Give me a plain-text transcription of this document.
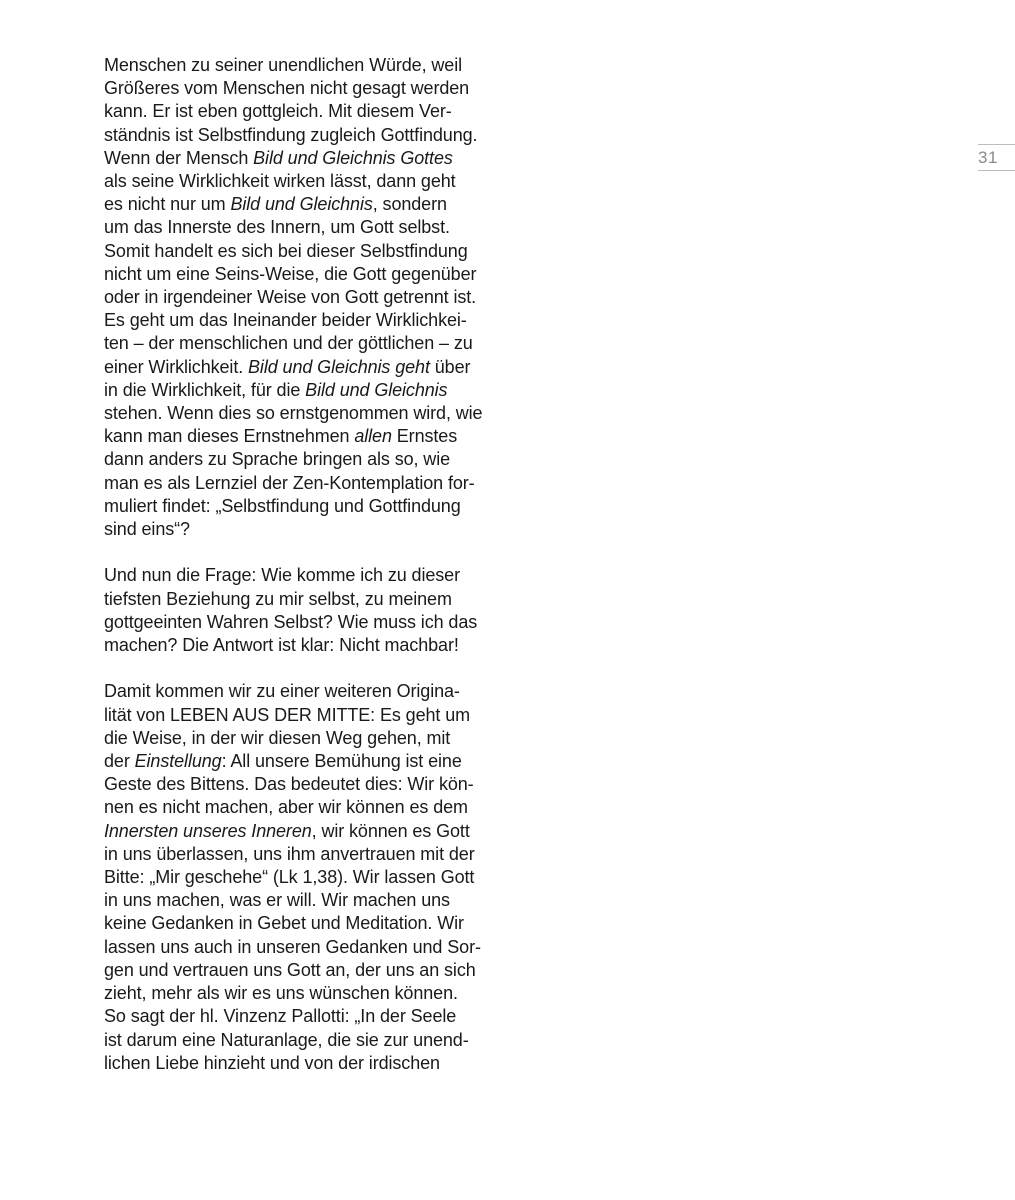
31

Menschen zu seiner unendlichen Würde, weil
Größeres vom Menschen nicht gesagt werden
kann. Er ist eben gottgleich. Mit diesem Ver-
ständnis ist Selbstfindung zugleich Gottfindung.
Wenn der Mensch Bild und Gleichnis Gottes
als seine Wirklichkeit wirken lässt, dann geht
es nicht nur um Bild und Gleichnis, sondern
um das Innerste des Innern, um Gott selbst.
Somit handelt es sich bei dieser Selbstfindung
nicht um eine Seins-Weise, die Gott gegenüber
oder in irgendeiner Weise von Gott getrennt ist.
Es geht um das Ineinander beider Wirklichkei-
ten – der menschlichen und der göttlichen – zu
einer Wirklichkeit. Bild und Gleichnis geht über
in die Wirklichkeit, für die Bild und Gleichnis
stehen. Wenn dies so ernstgenommen wird, wie
kann man dieses Ernstnehmen allen Ernstes
dann anders zu Sprache bringen als so, wie
man es als Lernziel der Zen-Kontemplation for-
muliert findet: „Selbstfindung und Gottfindung
sind eins“?

Und nun die Frage: Wie komme ich zu dieser
tiefsten Beziehung zu mir selbst, zu meinem
gottgeeinten Wahren Selbst? Wie muss ich das
machen? Die Antwort ist klar: Nicht machbar!

Damit kommen wir zu einer weiteren Origina-
lität von LEBEN AUS DER MITTE: Es geht um
die Weise, in der wir diesen Weg gehen, mit
der Einstellung: All unsere Bemühung ist eine
Geste des Bittens. Das bedeutet dies: Wir kön-
nen es nicht machen, aber wir können es dem
Innersten unseres Inneren, wir können es Gott
in uns überlassen, uns ihm anvertrauen mit der
Bitte: „Mir geschehe“ (Lk 1,38). Wir lassen Gott
in uns machen, was er will. Wir machen uns
keine Gedanken in Gebet und Meditation. Wir
lassen uns auch in unseren Gedanken und Sor-
gen und vertrauen uns Gott an, der uns an sich
zieht, mehr als wir es uns wünschen können.
So sagt der hl. Vinzenz Pallotti: „In der Seele
ist darum eine Naturanlage, die sie zur unend-
lichen Liebe hinzieht und von der irdischen
